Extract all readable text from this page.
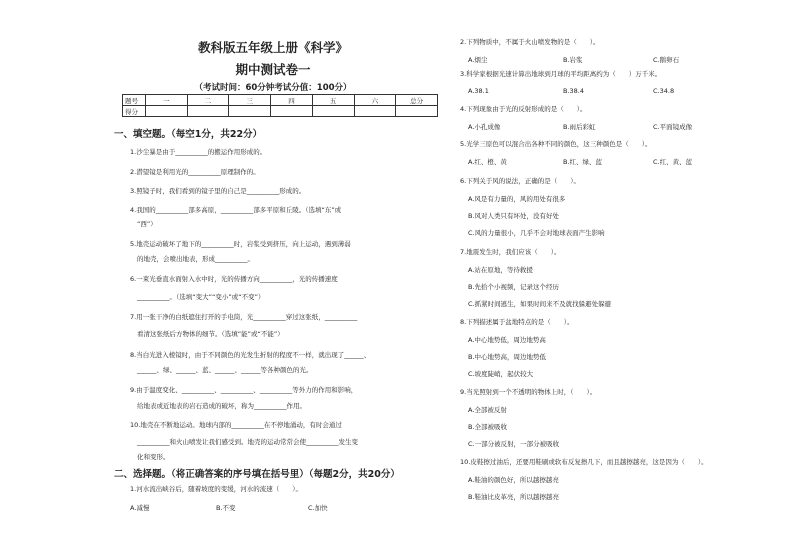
教科版五年级上册《科学》
期中测试卷一
（考试时间：60分钟考试分值：100分）
题号	一	二	三	四	五	六	总分
得分							
一、填空题。（每空1分，共22分）
1.沙尘暴是由于__________的搬运作用形成的。
2.潜望镜是利用光的__________原理制作的。
3.照镜子时，我们看到的镜子里的自己是__________形成的。
4.我国的__________部多高原，__________部多平原和丘陵。（选填“东”或
“西”）
5.地壳运动破坏了地下的__________时，岩浆受到挤压，向上运动，遇到薄弱
的地壳，会喷出地表，形成__________。
6.一束光垂直水面射入水中时，光的传播方向__________，光的传播速度
__________。（选填“变大”“变小”或“不变”）
7.用一张干净的白纸遮住打开的手电筒，光__________穿过这张纸，__________
看清这张纸后方物体的细节。（选填“能”或“不能”）
8.当白光进入棱镜时，由于不同颜色的光发生折射的程度不一样，就出现了______、
______、绿、______、蓝、______、______等各种颜色的光。
9.由于温度变化、__________、__________、__________等外力的作用和影响，
给地表或近地表的岩石造成的破坏，称为__________作用。
10.地壳在不断地运动。地球内部的__________在不停地涌动，有时会通过
__________和火山喷发让我们感受到。地壳的运动常常会使__________发生变
化和变形。
二、选择题。（将正确答案的序号填在括号里）（每题2分，共20分）
1.河水流出峡谷后，随着坡度的变缓，河水的流速（　　）。
A.减慢	B.不变	C.加快
2.下列物质中，不属于火山喷发物的是（　　）。
A.烟尘	B.岩浆	C.鹅卵石
3.科学家根据光速计算出地球到月球的平均距离约为（　　）万千米。
A.38.1	B.38.4	C.34.8
4.下列现象由于光的反射形成的是（　　）。
A.小孔成像	B.雨后彩虹	C.平面镜成像
5.光学三原色可以混合出各种不同的颜色，这三种颜色是（　　）。
A.红、橙、黄	B.红、绿、蓝	C.红、黄、蓝
6.下列关于风的说法，正确的是（　　）。
A.风是有力量的，风的用处有很多
B.风对人类只有坏处，没有好处
C.风的力量很小，几乎不会对地球表面产生影响
7.地震发生时，我们应该（　　）。
A.站在原地，等待救援
B.先拾个小视频，记录这个经历
C.抓紧时间逃生，如果时间来不及就找躲避处躲避
8.下列描述属于盆地特点的是（　　）。
A.中心地势低，周边地势高
B.中心地势高，周边地势低
C.坡度陡峭，起伏较大
9.当光照射到一个不透明的物体上时，（　　）。
A.全部被反射
B.全部被吸收
C.一部分被反射，一部分被吸收
10.皮鞋擦过油后，还要用鞋刷或软布反复擦几下，而且越擦越亮，这是因为（　　）。
A.鞋油的颜色好，所以越擦越亮
B.鞋油比皮革亮，所以越擦越亮
